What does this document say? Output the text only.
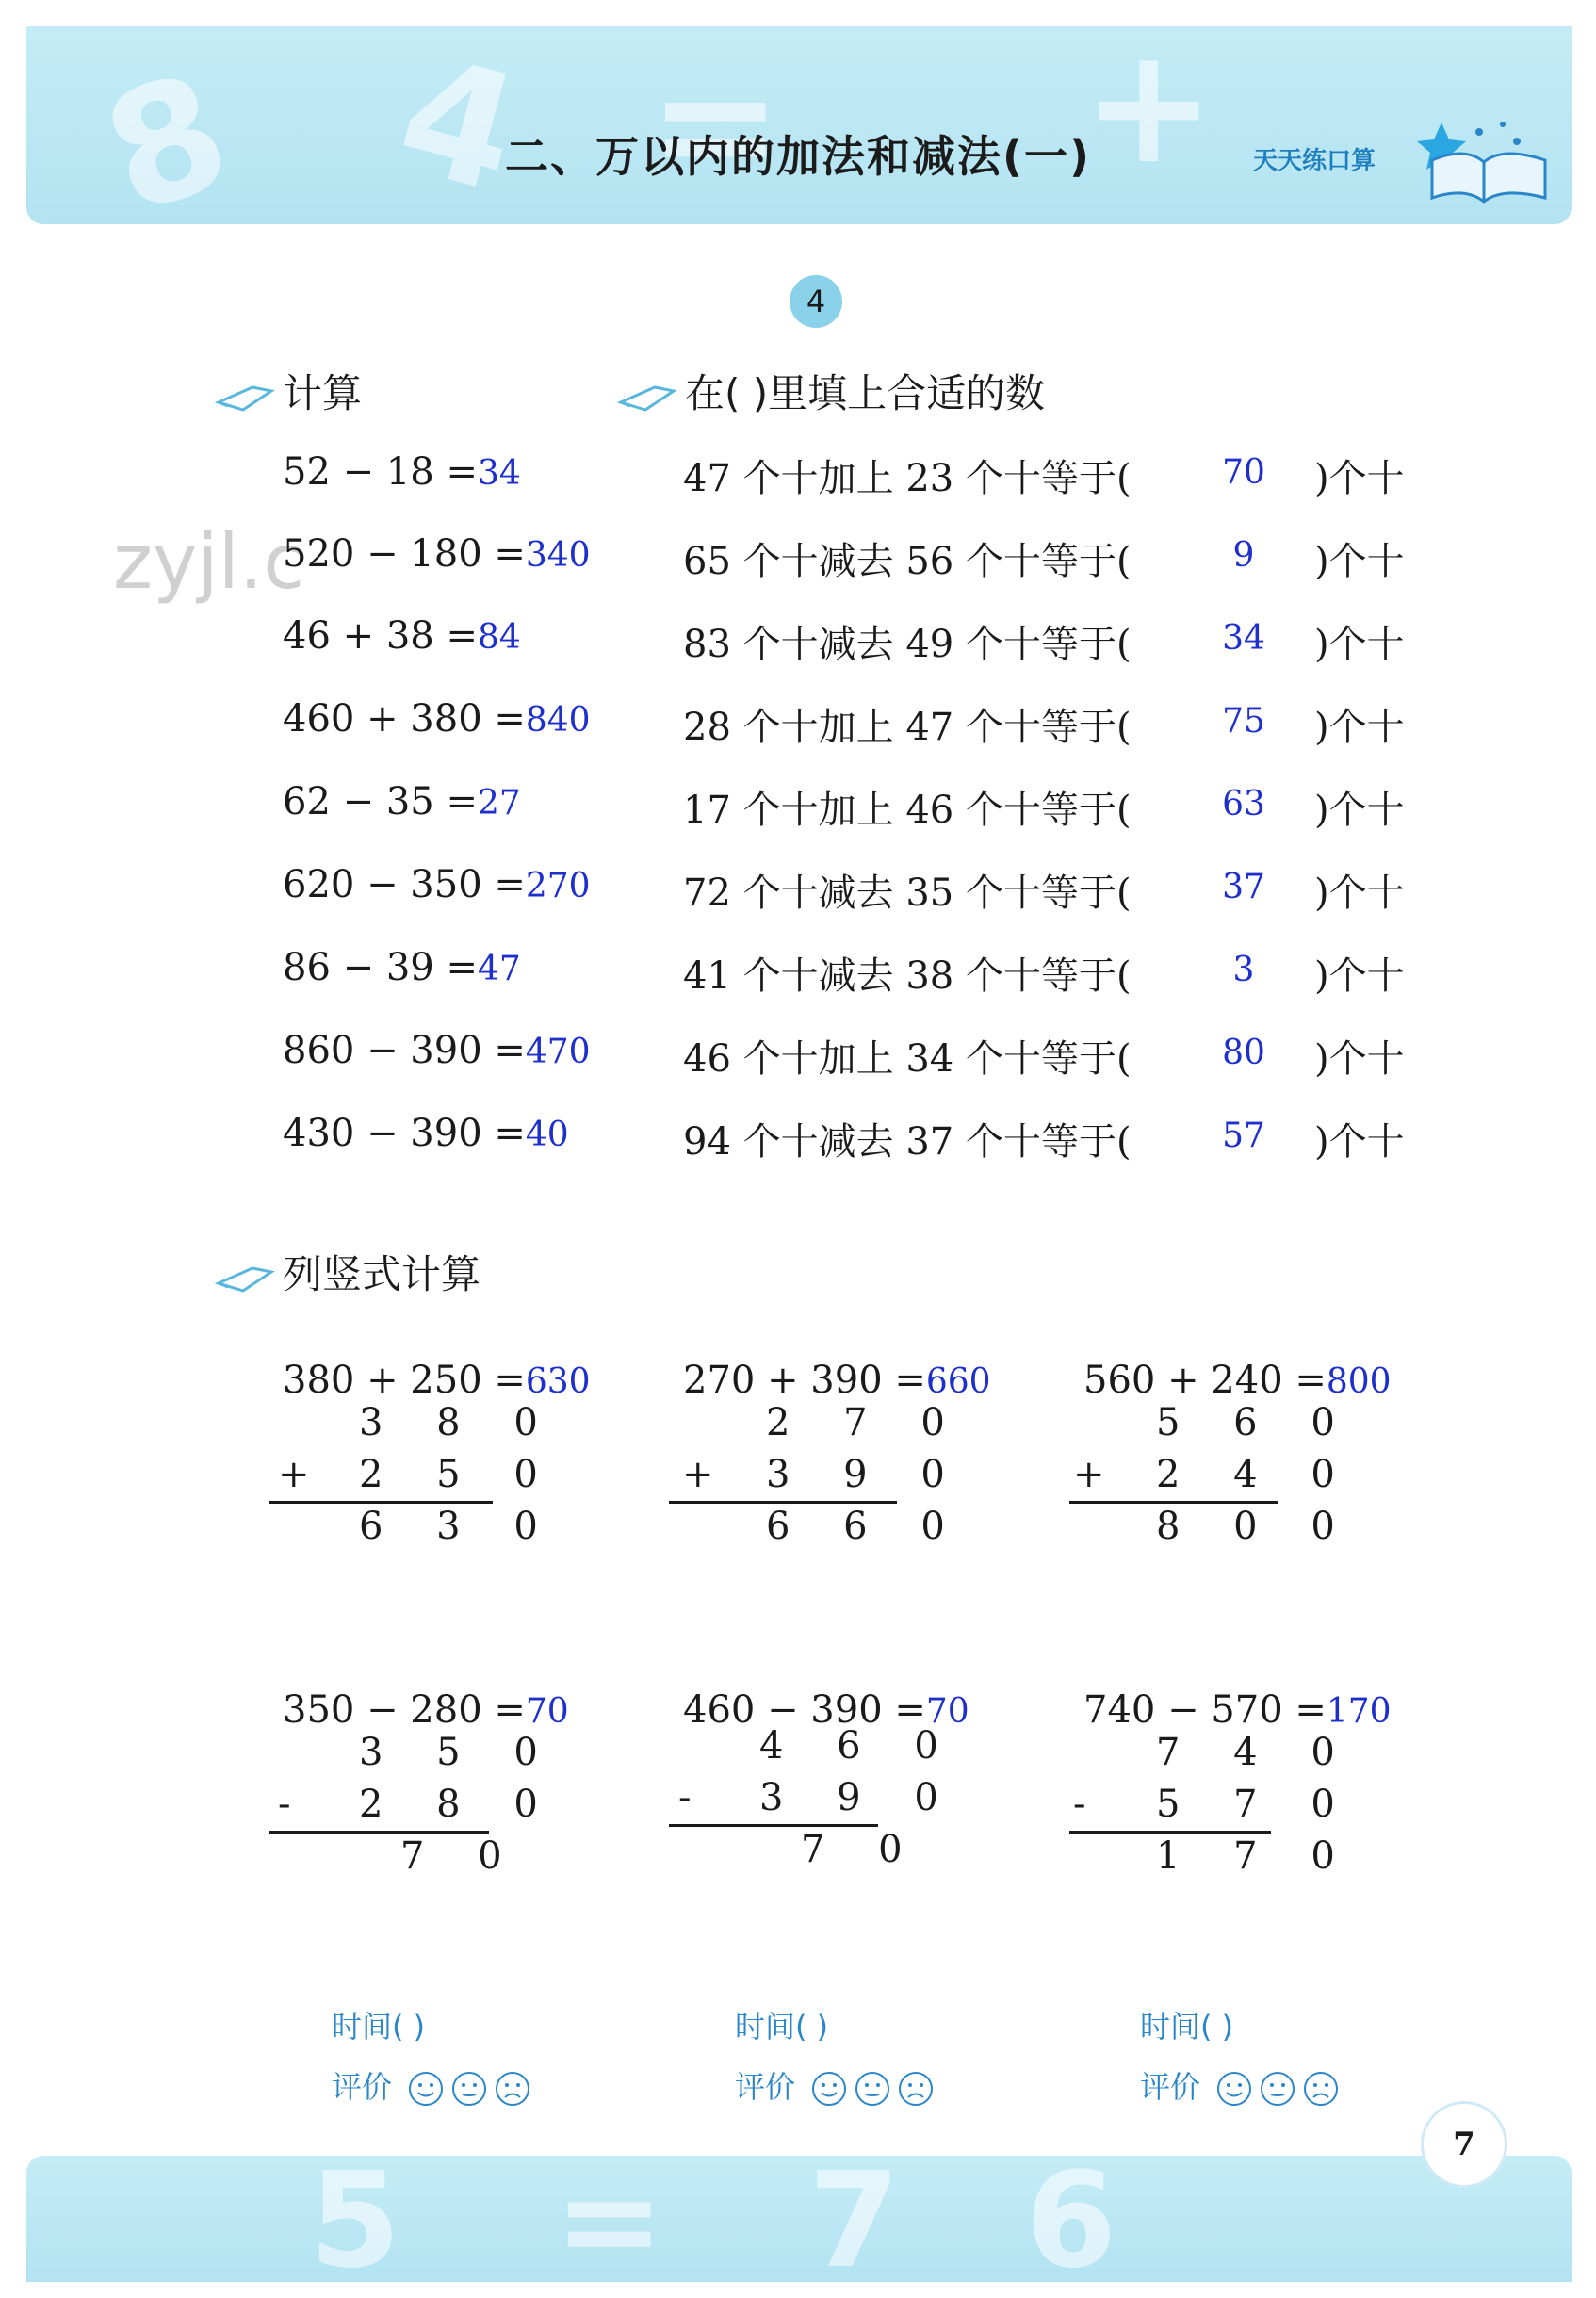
8 4 = +
二、万以内的加法和减法(一)	天天练口算
4
zyjl.c
计算	在( )里填上合适的数
52 − 18 =34
520 − 180 =340
46 + 38 =84
460 + 380 =840
62 − 35 =27
620 − 350 =270
86 − 39 =47
860 − 390 =470
430 − 390 =40
47 个十加上 23 个十等于(	70	)个十
65 个十减去 56 个十等于(	9	)个十
83 个十减去 49 个十等于(	34	)个十
28 个十加上 47 个十等于(	75	)个十
17 个十加上 46 个十等于(	63	)个十
72 个十减去 35 个十等于(	37	)个十
41 个十减去 38 个十等于(	3	)个十
46 个十加上 34 个十等于(	80	)个十
94 个十减去 37 个十等于(	57	)个十
列竖式计算
380 + 250 =630
3 8 0
+ 2 5 0
6 3 0
270 + 390 =660
2 7 0
+ 3 9 0
6 6 0
560 + 240 =800
5 6 0
+ 2 4 0
8 0 0
350 − 280 =70
3 5 0
- 2 8 0
7 0
460 − 390 =70
4 6 0
- 3 9 0
7 0
740 − 570 =170
7 4 0
- 5 7 0
1 7 0
时间( )
评价
时间( )
评价
时间( )
评价
5 = 7 6	7
